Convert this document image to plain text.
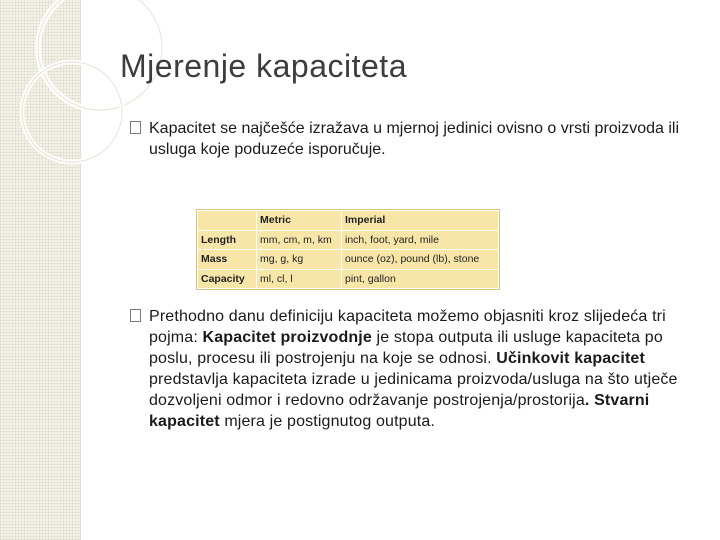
Mjerenje kapaciteta
Kapacitet se najčešće izražava u mjernoj jedinici ovisno o vrsti proizvoda ili usluga koje poduzeće isporučuje.
	Metric	Imperial
Length	mm, cm, m, km	inch, foot, yard, mile
Mass	mg, g, kg	ounce (oz), pound (lb), stone
Capacity	ml, cl, l	pint, gallon
Prethodno danu definiciju kapaciteta možemo objasniti kroz slijedeća tri pojma: Kapacitet proizvodnje je stopa outputa ili usluge kapaciteta po poslu, procesu ili postrojenju na koje se odnosi. Učinkovit kapacitet predstavlja kapaciteta izrade u jedinicama proizvoda/usluga na što utječe dozvoljeni odmor i redovno održavanje postrojenja/prostorija. Stvarni kapacitet mjera je postignutog outputa.
